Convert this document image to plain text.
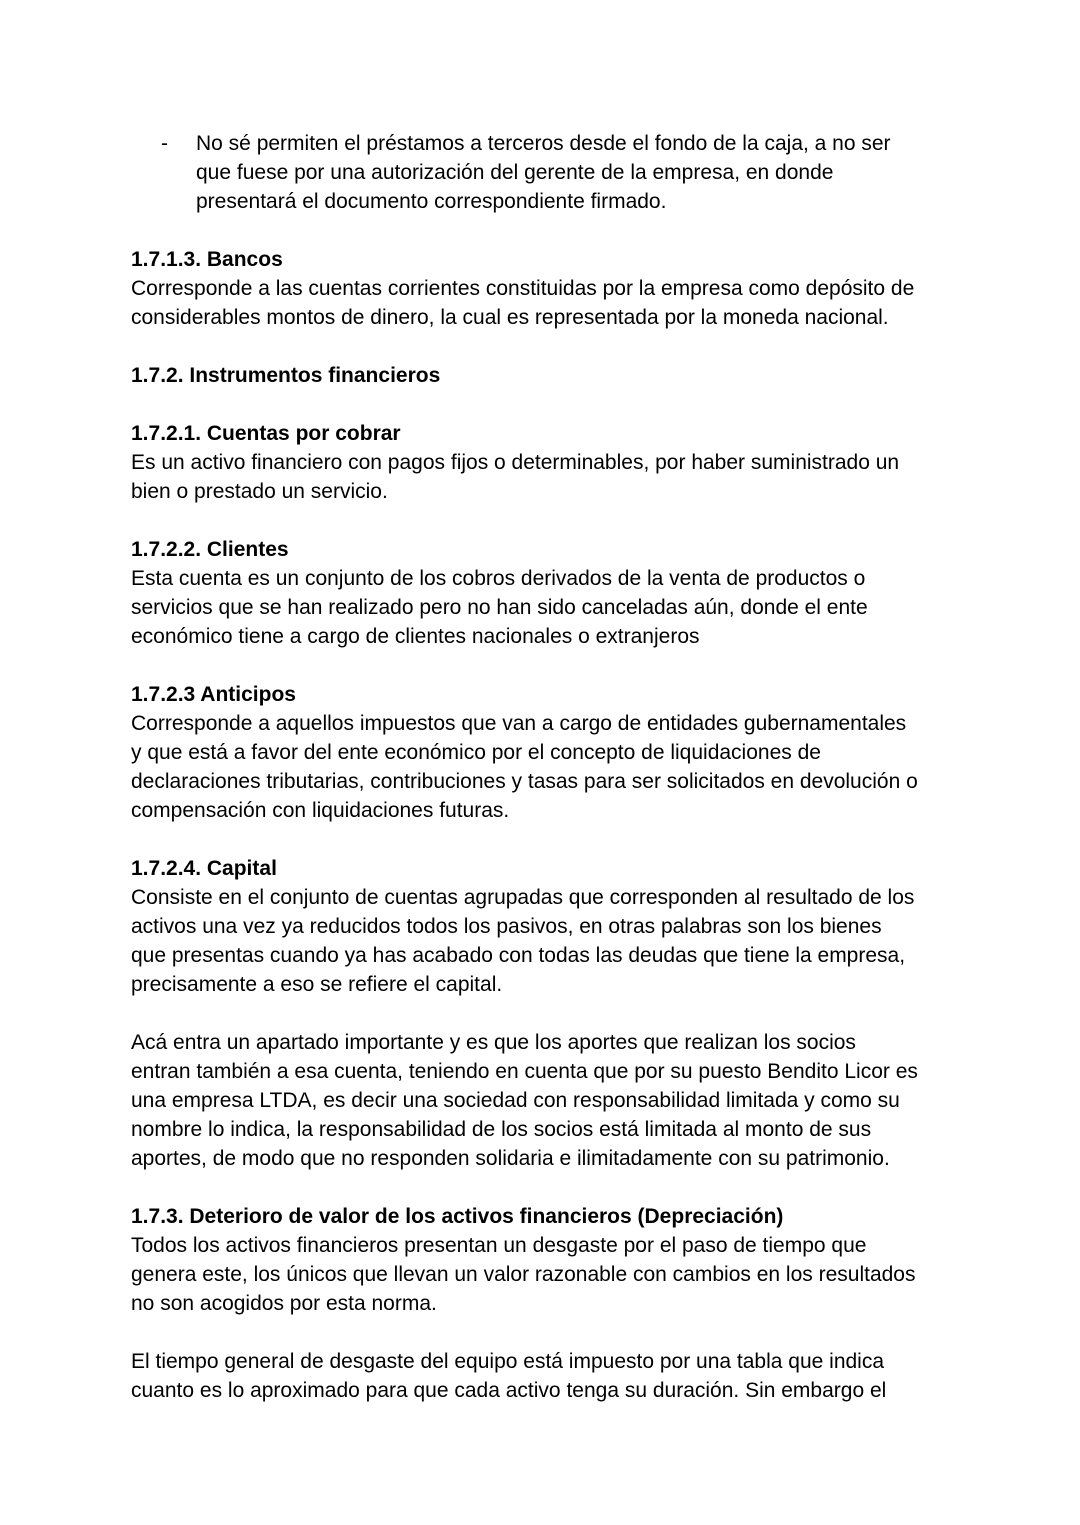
- No sé permiten el préstamos a terceros desde el fondo de la caja, a no ser
que fuese por una autorización del gerente de la empresa, en donde
presentará el documento correspondiente firmado.

1.7.1.3. Bancos

Corresponde a las cuentas corrientes constituidas por la empresa como depósito de
considerables montos de dinero, la cual es representada por la moneda nacional.

1.7.2. Instrumentos financieros

1.7.2.1. Cuentas por cobrar

Es un activo financiero con pagos fijos o determinables, por haber suministrado un
bien o prestado un servicio.

1.7.2.2. Clientes

Esta cuenta es un conjunto de los cobros derivados de la venta de productos o
servicios que se han realizado pero no han sido canceladas aún, donde el ente
económico tiene a cargo de clientes nacionales o extranjeros

1.7.2.3 Anticipos

Corresponde a aquellos impuestos que van a cargo de entidades gubernamentales
y que está a favor del ente económico por el concepto de liquidaciones de
declaraciones tributarias, contribuciones y tasas para ser solicitados en devolución o
compensación con liquidaciones futuras.

1.7.2.4. Capital

Consiste en el conjunto de cuentas agrupadas que corresponden al resultado de los
activos una vez ya reducidos todos los pasivos, en otras palabras son los bienes
que presentas cuando ya has acabado con todas las deudas que tiene la empresa,
precisamente a eso se refiere el capital.
Acá entra un apartado importante y es que los aportes que realizan los socios
entran también a esa cuenta, teniendo en cuenta que por su puesto Bendito Licor es
una empresa LTDA, es decir una sociedad con responsabilidad limitada y como su
nombre lo indica, la responsabilidad de los socios está limitada al monto de sus
aportes, de modo que no responden solidaria e ilimitadamente con su patrimonio.

1.7.3. Deterioro de valor de los activos financieros (Depreciación)

Todos los activos financieros presentan un desgaste por el paso de tiempo que
genera este, los únicos que llevan un valor razonable con cambios en los resultados
no son acogidos por esta norma.
El tiempo general de desgaste del equipo está impuesto por una tabla que indica
cuanto es lo aproximado para que cada activo tenga su duración. Sin embargo el
